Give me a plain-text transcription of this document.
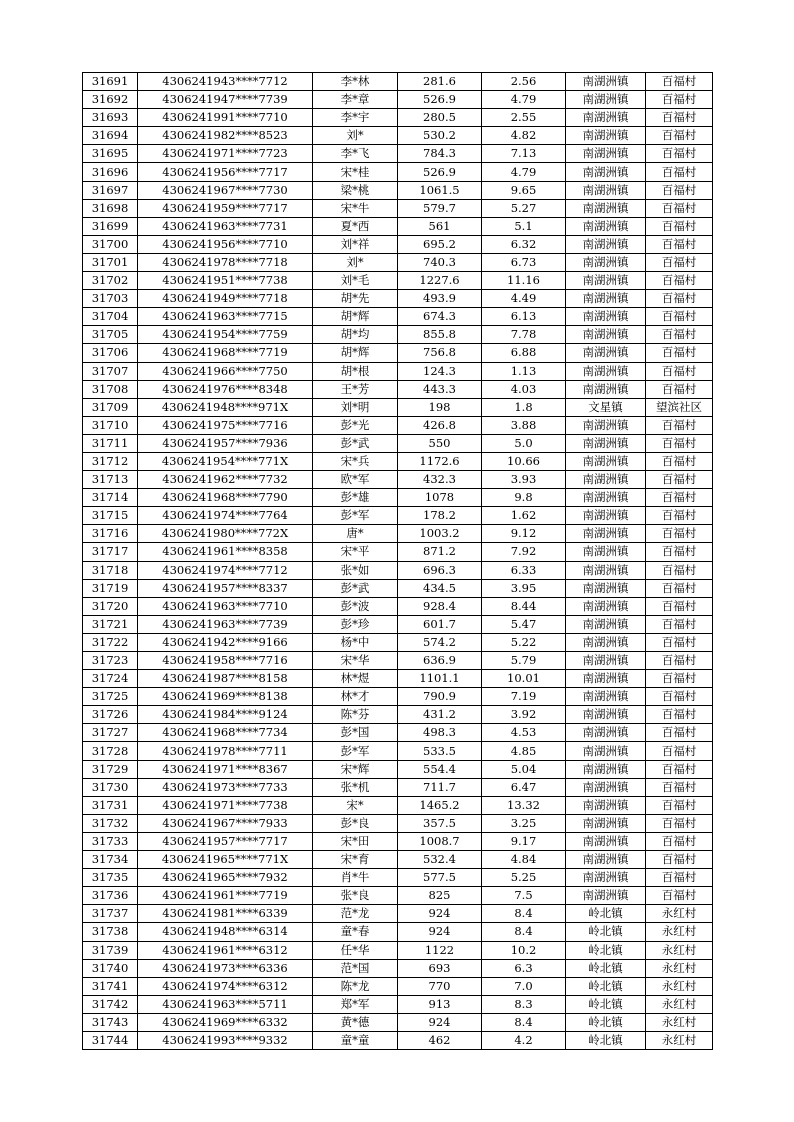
31691	4306241943****7712	李*林	281.6	2.56	南湖洲镇	百福村
31692	4306241947****7739	李*章	526.9	4.79	南湖洲镇	百福村
31693	4306241991****7710	李*宇	280.5	2.55	南湖洲镇	百福村
31694	4306241982****8523	刘*	530.2	4.82	南湖洲镇	百福村
31695	4306241971****7723	李*飞	784.3	7.13	南湖洲镇	百福村
31696	4306241956****7717	宋*桂	526.9	4.79	南湖洲镇	百福村
31697	4306241967****7730	梁*桃	1061.5	9.65	南湖洲镇	百福村
31698	4306241959****7717	宋*牛	579.7	5.27	南湖洲镇	百福村
31699	4306241963****7731	夏*西	561	5.1	南湖洲镇	百福村
31700	4306241956****7710	刘*祥	695.2	6.32	南湖洲镇	百福村
31701	4306241978****7718	刘*	740.3	6.73	南湖洲镇	百福村
31702	4306241951****7738	刘*毛	1227.6	11.16	南湖洲镇	百福村
31703	4306241949****7718	胡*先	493.9	4.49	南湖洲镇	百福村
31704	4306241963****7715	胡*辉	674.3	6.13	南湖洲镇	百福村
31705	4306241954****7759	胡*均	855.8	7.78	南湖洲镇	百福村
31706	4306241968****7719	胡*辉	756.8	6.88	南湖洲镇	百福村
31707	4306241966****7750	胡*根	124.3	1.13	南湖洲镇	百福村
31708	4306241976****8348	王*芳	443.3	4.03	南湖洲镇	百福村
31709	4306241948****971X	刘*明	198	1.8	文星镇	望滨社区
31710	4306241975****7716	彭*光	426.8	3.88	南湖洲镇	百福村
31711	4306241957****7936	彭*武	550	5.0	南湖洲镇	百福村
31712	4306241954****771X	宋*兵	1172.6	10.66	南湖洲镇	百福村
31713	4306241962****7732	欧*军	432.3	3.93	南湖洲镇	百福村
31714	4306241968****7790	彭*雄	1078	9.8	南湖洲镇	百福村
31715	4306241974****7764	彭*军	178.2	1.62	南湖洲镇	百福村
31716	4306241980****772X	唐*	1003.2	9.12	南湖洲镇	百福村
31717	4306241961****8358	宋*平	871.2	7.92	南湖洲镇	百福村
31718	4306241974****7712	张*如	696.3	6.33	南湖洲镇	百福村
31719	4306241957****8337	彭*武	434.5	3.95	南湖洲镇	百福村
31720	4306241963****7710	彭*波	928.4	8.44	南湖洲镇	百福村
31721	4306241963****7739	彭*珍	601.7	5.47	南湖洲镇	百福村
31722	4306241942****9166	杨*中	574.2	5.22	南湖洲镇	百福村
31723	4306241958****7716	宋*华	636.9	5.79	南湖洲镇	百福村
31724	4306241987****8158	林*煜	1101.1	10.01	南湖洲镇	百福村
31725	4306241969****8138	林*才	790.9	7.19	南湖洲镇	百福村
31726	4306241984****9124	陈*芬	431.2	3.92	南湖洲镇	百福村
31727	4306241968****7734	彭*国	498.3	4.53	南湖洲镇	百福村
31728	4306241978****7711	彭*军	533.5	4.85	南湖洲镇	百福村
31729	4306241971****8367	宋*辉	554.4	5.04	南湖洲镇	百福村
31730	4306241973****7733	张*机	711.7	6.47	南湖洲镇	百福村
31731	4306241971****7738	宋*	1465.2	13.32	南湖洲镇	百福村
31732	4306241967****7933	彭*良	357.5	3.25	南湖洲镇	百福村
31733	4306241957****7717	宋*田	1008.7	9.17	南湖洲镇	百福村
31734	4306241965****771X	宋*育	532.4	4.84	南湖洲镇	百福村
31735	4306241965****7932	肖*牛	577.5	5.25	南湖洲镇	百福村
31736	4306241961****7719	张*良	825	7.5	南湖洲镇	百福村
31737	4306241981****6339	范*龙	924	8.4	岭北镇	永红村
31738	4306241948****6314	童*春	924	8.4	岭北镇	永红村
31739	4306241961****6312	任*华	1122	10.2	岭北镇	永红村
31740	4306241973****6336	范*国	693	6.3	岭北镇	永红村
31741	4306241974****6312	陈*龙	770	7.0	岭北镇	永红村
31742	4306241963****5711	郑*军	913	8.3	岭北镇	永红村
31743	4306241969****6332	黄*德	924	8.4	岭北镇	永红村
31744	4306241993****9332	童*童	462	4.2	岭北镇	永红村
